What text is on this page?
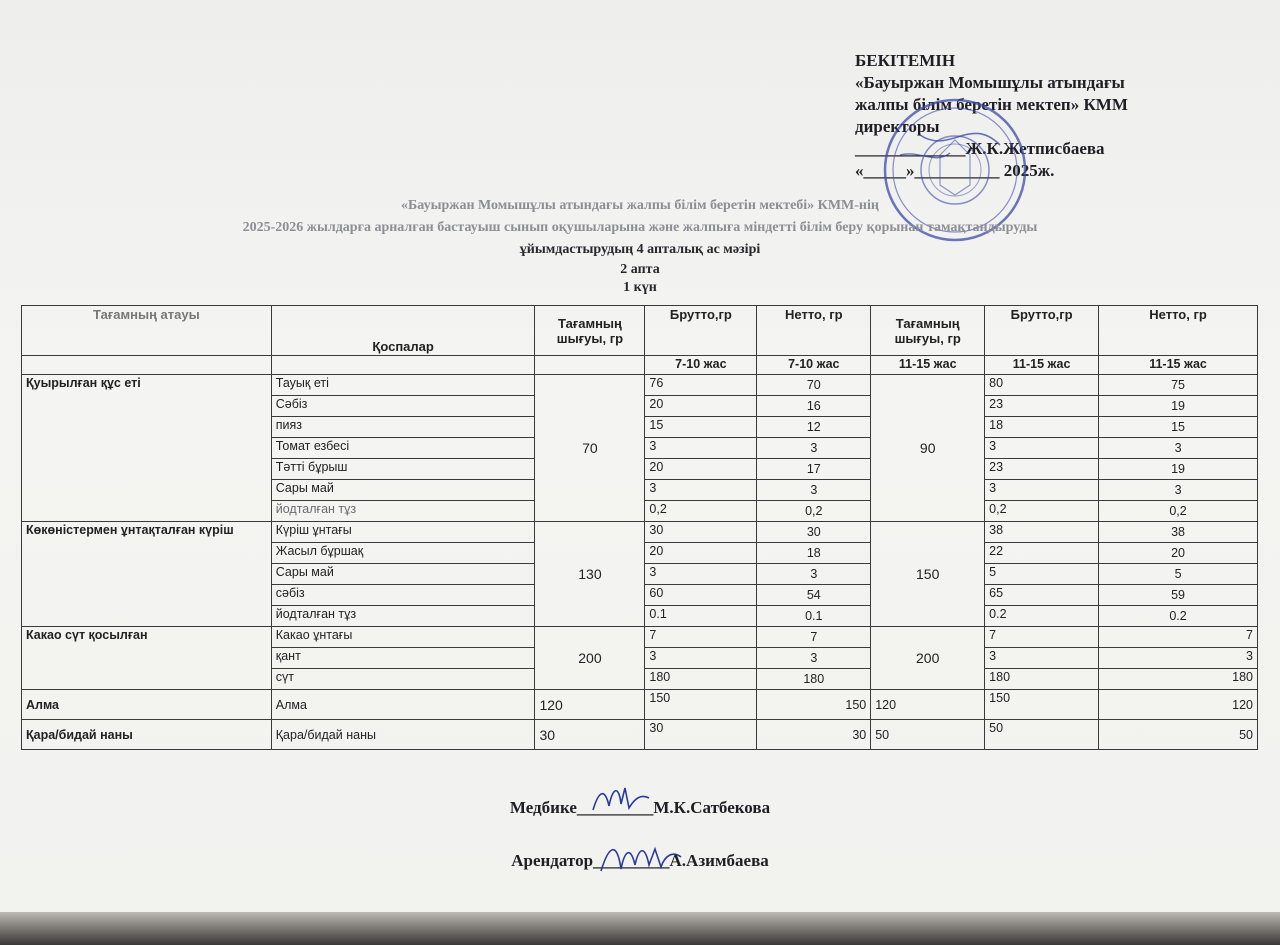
БЕКІТЕМІН
«Бауыржан Момышұлы атындағы
жалпы білім беретін мектеп» КММ
директоры
_____________Ж.К.Жетписбаева
«_____»__________ 2025ж.
«Бауыржан Момышұлы атындағы жалпы білім беретін мектебі» КММ-нің
2025-2026 жылдарға арналған бастауыш сынып оқушыларына және жалпыға міндетті білім беру қорынан тамақтандыруды
ұйымдастырудың 4 апталық ас мәзірі
2 апта
1 күн
Тағамның атауы	Қоспалар	Тағамның шығуы, гр	Брутто,гр	Нетто, гр	Тағамның шығуы, гр	Брутто,гр	Нетто, гр
			7-10 жас	7-10 жас	11-15 жас	11-15 жас	11-15 жас
Қуырылған құс еті	Тауық еті	70	76	70	90	80	75
	Сәбіз		20	16		23	19
	пияз		15	12		18	15
	Томат езбесі		3	3		3	3
	Тәтті бұрыш		20	17		23	19
	Сары май		3	3		3	3
	йодталған тұз		0,2	0,2		0,2	0,2
Көкөністермен ұнтақталған күріш	Күріш ұнтағы	130	30	30	150	38	38
	Жасыл бұршақ		20	18		22	20
	Сары май		3	3		5	5
	сәбіз		60	54		65	59
	йодталған тұз		0.1	0.1		0.2	0.2
Какао сүт қосылған	Какао ұнтағы	200	7	7	200	7	7
	қант		3	3		3	3
	сүт		180	180		180	180
Алма	Алма	120	150	150	120	150	120
Қара/бидай наны	Қара/бидай наны	30	30	30	50	50	50
Медбике_________М.К.Сатбекова
Арендатор_________А.Азимбаева
